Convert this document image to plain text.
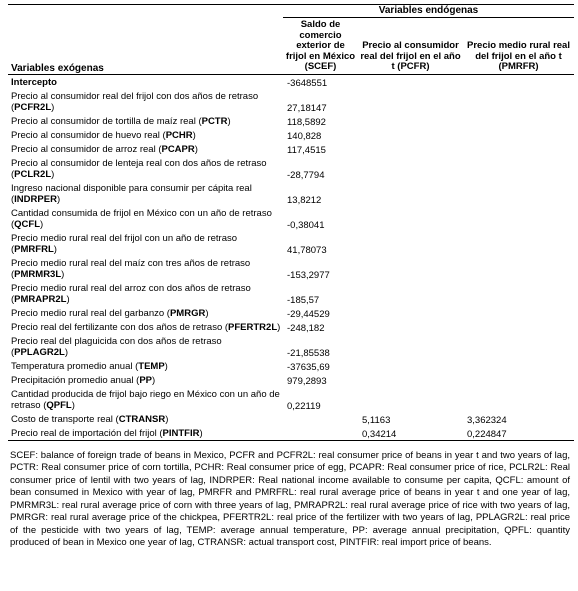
	Variables endógenas		
Variables exógenas	Saldo de comercio exterior de frijol en México (SCEF)	Precio al consumidor real del frijol en el año t (PCFR)	Precio medio rural real del frijol en el año t (PMRFR)
Intercepto	-3648551		
Precio al consumidor real del frijol con dos años de retraso (PCFR2L)	27,18147		
Precio al consumidor de tortilla de maíz real (PCTR)	118,5892		
Precio al consumidor de huevo real (PCHR)	140,828		
Precio al consumidor de arroz real (PCAPR)	117,4515		
Precio al consumidor de lenteja real con dos años de retraso (PCLR2L)	-28,7794		
Ingreso nacional disponible para consumir per cápita real (INDRPER)	13,8212		
Cantidad consumida de frijol en México con un año de retraso (QCFL)	-0,38041		
Precio medio rural real del frijol con un año de retraso (PMRFRL)	41,78073		
Precio medio rural real del maíz con tres años de retraso (PMRMR3L)	-153,2977		
Precio medio rural real del arroz con dos años de retraso (PMRAPR2L)	-185,57		
Precio medio rural real del garbanzo (PMRGR)	-29,44529		
Precio real del fertilizante con dos años de retraso (PFERTR2L)	-248,182		
Precio real del plaguicida con dos años de retraso (PPLAGR2L)	-21,85538		
Temperatura promedio anual (TEMP)	-37635,69		
Precipitación promedio anual (PP)	979,2893		
Cantidad producida de frijol bajo riego en México con un año de retraso (QPFL)	0,22119		
Costo de transporte real (CTRANSR)		5,1163	3,362324
Precio real de importación del frijol (PINTFIR)		0,34214	0,224847
SCEF: balance of foreign trade of beans in Mexico, PCFR and PCFR2L: real consumer price of beans in year t and two years of lag, PCTR: Real consumer price of corn tortilla, PCHR: Real consumer price of egg, PCAPR: Real consumer price of rice, PCLR2L: Real consumer price of lentil with two years of lag, INDRPER: Real national income available to consume per capita, QCFL: amount of bean consumed in Mexico with year of lag, PMRFR and PMRFRL: real rural average price of beans in year t and one year of lag, PMRMR3L: real rural average price of corn with three years of lag, PMRAPR2L: real rural average price of rice with two years of lag, PMRGR: real rural average price of the chickpea, PFERTR2L: real price of the fertilizer with two years of lag, PPLAGR2L: real price of the pesticide with two years of lag, TEMP: average annual temperature, PP: average annual precipitation, QPFL: quantity produced of bean in Mexico one year of lag, CTRANSR: actual transport cost, PINTFIR: real import price of beans.
